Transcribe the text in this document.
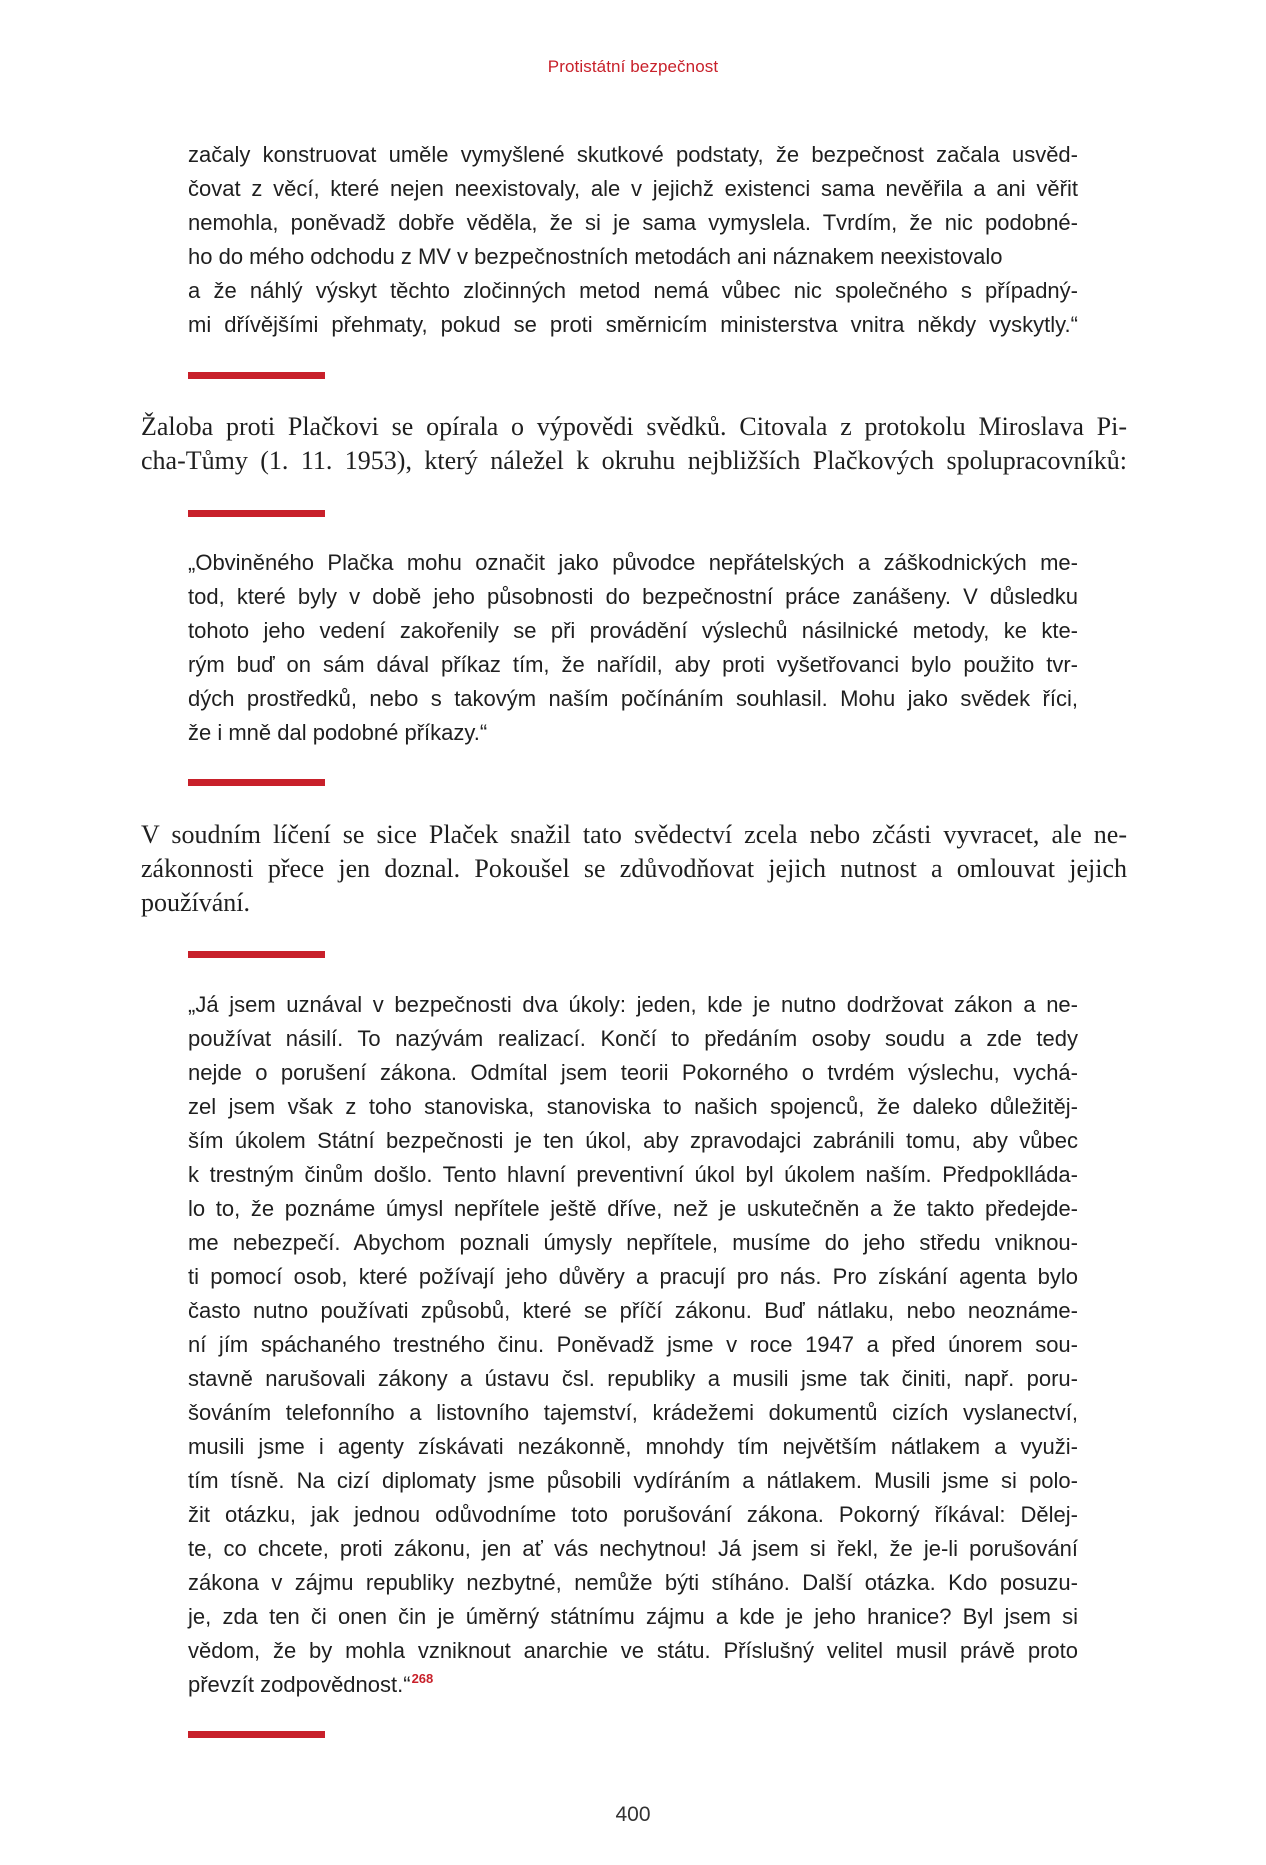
Protistátní bezpečnost
začaly konstruovat uměle vymyšlené skutkové podstaty, že bezpečnost začala usvěd-
čovat z věcí, které nejen neexistovaly, ale v jejichž existenci sama nevěřila a ani věřit
nemohla, poněvadž dobře věděla, že si je sama vymyslela. Tvrdím, že nic podobné-
ho do mého odchodu z MV v bezpečnostních metodách ani náznakem neexistovalo
a že náhlý výskyt těchto zločinných metod nemá vůbec nic společného s případný-
mi dřívějšími přehmaty, pokud se proti směrnicím ministerstva vnitra někdy vyskytly.“
Žaloba proti Plačkovi se opírala o výpovědi svědků. Citovala z protokolu Miroslava Pi-
cha-Tůmy (1. 11. 1953), který náležel k okruhu nejbližších Plačkových spolupracovníků:
„Obviněného Plačka mohu označit jako původce nepřátelských a záškodnických me-
tod, které byly v době jeho působnosti do bezpečnostní práce zanášeny. V důsledku
tohoto jeho vedení zakořenily se při provádění výslechů násilnické metody, ke kte-
rým buď on sám dával příkaz tím, že nařídil, aby proti vyšetřovanci bylo použito tvr-
dých prostředků, nebo s takovým naším počínáním souhlasil. Mohu jako svědek říci,
že i mně dal podobné příkazy.“
V soudním líčení se sice Plaček snažil tato svědectví zcela nebo zčásti vyvracet, ale ne-
zákonnosti přece jen doznal. Pokoušel se zdůvodňovat jejich nutnost a omlouvat jejich
používání.
„Já jsem uznával v bezpečnosti dva úkoly: jeden, kde je nutno dodržovat zákon a ne-
používat násilí. To nazývám realizací. Končí to předáním osoby soudu a zde tedy
nejde o porušení zákona. Odmítal jsem teorii Pokorného o tvrdém výslechu, vychá-
zel jsem však z toho stanoviska, stanoviska to našich spojenců, že daleko důležitěj-
ším úkolem Státní bezpečnosti je ten úkol, aby zpravodajci zabránili tomu, aby vůbec
k trestným činům došlo. Tento hlavní preventivní úkol byl úkolem naším. Předpoklláda-
lo to, že poznáme úmysl nepřítele ještě dříve, než je uskutečněn a že takto předejde-
me nebezpečí. Abychom poznali úmysly nepřítele, musíme do jeho středu vniknou-
ti pomocí osob, které požívají jeho důvěry a pracují pro nás. Pro získání agenta bylo
často nutno používati způsobů, které se příčí zákonu. Buď nátlaku, nebo neoznáme-
ní jím spáchaného trestného činu. Poněvadž jsme v roce 1947 a před únorem sou-
stavně narušovali zákony a ústavu čsl. republiky a musili jsme tak činiti, např. poru-
šováním telefonního a listovního tajemství, krádežemi dokumentů cizích vyslanectví,
musili jsme i agenty získávati nezákonně, mnohdy tím největším nátlakem a využi-
tím tísně. Na cizí diplomaty jsme působili vydíráním a nátlakem. Musili jsme si polo-
žit otázku, jak jednou odůvodníme toto porušování zákona. Pokorný říkával: Dělej-
te, co chcete, proti zákonu, jen ať vás nechytnou! Já jsem si řekl, že je-li porušování
zákona v zájmu republiky nezbytné, nemůže býti stíháno. Další otázka. Kdo posuzu-
je, zda ten či onen čin je úměrný státnímu zájmu a kde je jeho hranice? Byl jsem si
vědom, že by mohla vzniknout anarchie ve státu. Příslušný velitel musil právě proto
převzít zodpovědnost.“$^{268}$
400
